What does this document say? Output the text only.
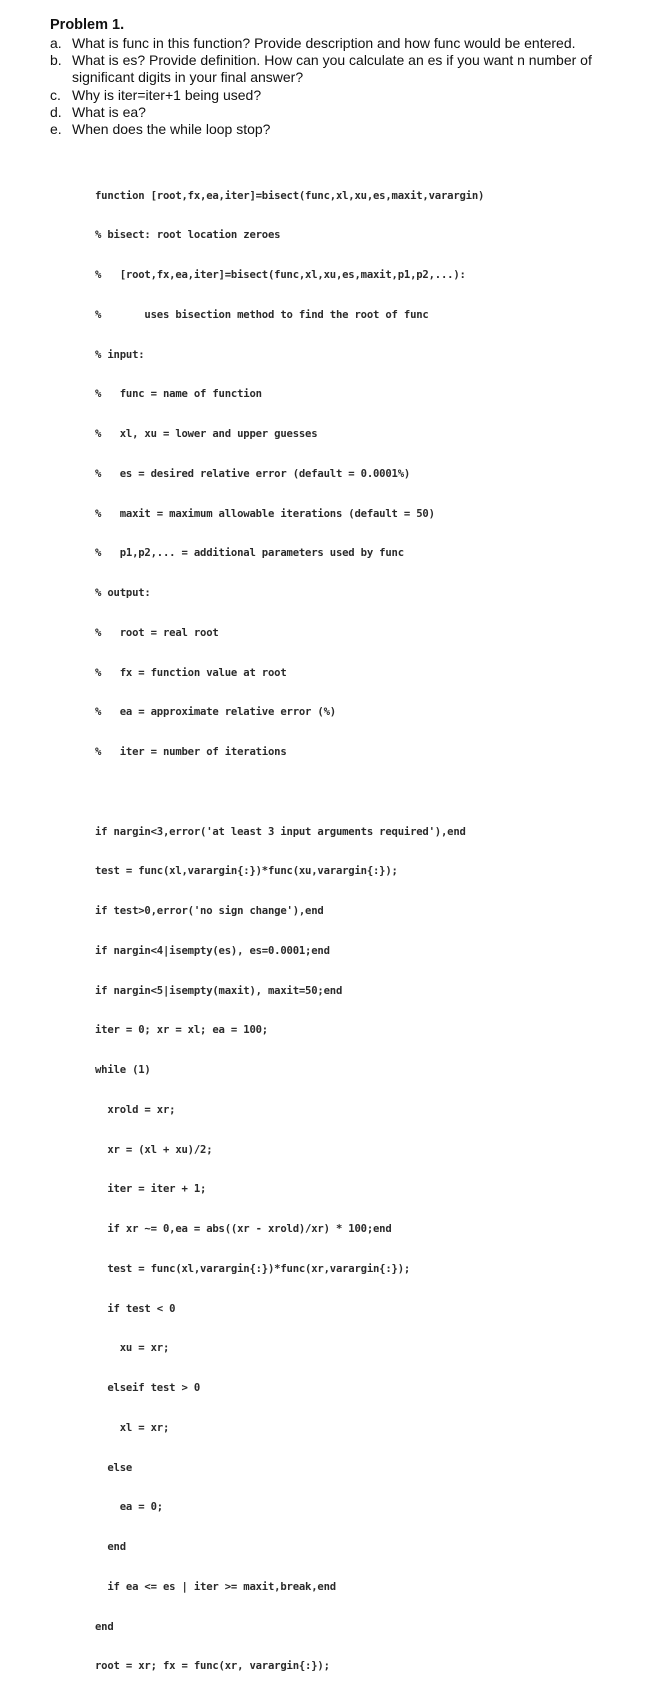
Problem 1.

a. What is func in this function? Provide description and how func would be entered.
b. What is es? Provide definition. How can you calculate an es if you want n number of significant digits in your final answer?
c. Why is iter=iter+1 being used?
d. What is ea?
e. When does the while loop stop?

function [root,fx,ea,iter]=bisect(func,xl,xu,es,maxit,varargin)

% bisect: root location zeroes

%   [root,fx,ea,iter]=bisect(func,xl,xu,es,maxit,p1,p2,...):

%       uses bisection method to find the root of func

% input:

%   func = name of function

%   xl, xu = lower and upper guesses

%   es = desired relative error (default = 0.0001%)

%   maxit = maximum allowable iterations (default = 50)

%   p1,p2,... = additional parameters used by func

% output:

%   root = real root

%   fx = function value at root

%   ea = approximate relative error (%)

%   iter = number of iterations

if nargin<3,error('at least 3 input arguments required'),end

test = func(xl,varargin{:})*func(xu,varargin{:});

if test>0,error('no sign change'),end

if nargin<4|isempty(es), es=0.0001;end

if nargin<5|isempty(maxit), maxit=50;end

iter = 0; xr = xl; ea = 100;

while (1)

xrold = xr;

xr = (xl + xu)/2;

iter = iter + 1;

if xr ~= 0,ea = abs((xr - xrold)/xr) * 100;end

test = func(xl,varargin{:})*func(xr,varargin{:});

if test < 0

xu = xr;

elseif test > 0

xl = xr;

else

ea = 0;

end

if ea <= es | iter >= maxit,break,end

end

root = xr; fx = func(xr, varargin{:});
